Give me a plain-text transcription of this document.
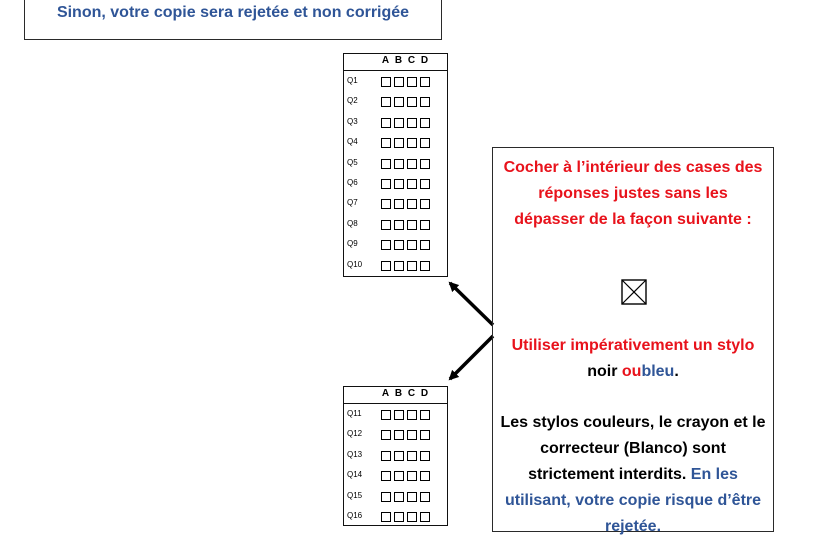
Sinon, votre copie sera rejetée et non corrigée
A B C D
Q1
Q2
Q3
Q4
Q5
Q6
Q7
Q8
Q9
Q10
A B C D
Q11
Q12
Q13
Q14
Q15
Q16
Cocher à l’intérieur des cases des réponses justes sans les dépasser de la façon suivante :
Utiliser impérativement un stylo noir oubleu.
Les stylos couleurs, le crayon et le correcteur (Blanco) sont strictement interdits. En les utilisant, votre copie risque d’être rejetée.
